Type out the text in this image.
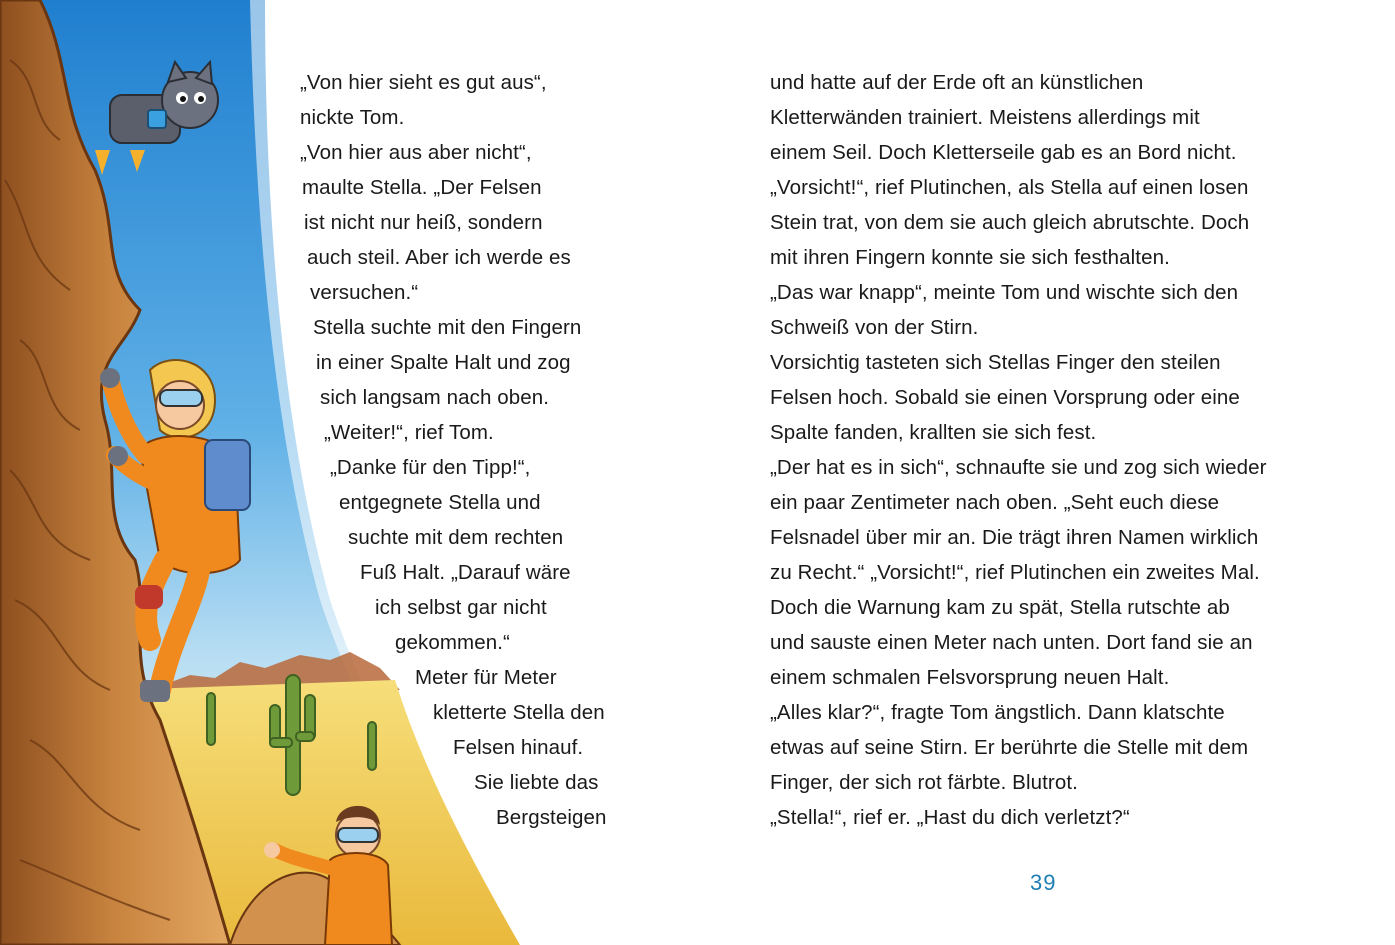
„Von hier sieht es gut aus“,
nickte Tom.
„Von hier aus aber nicht“,
maulte Stella. „Der Felsen
ist nicht nur heiß, sondern
auch steil. Aber ich werde es
versuchen.“
Stella suchte mit den Fingern
in einer Spalte Halt und zog
sich langsam nach oben.
„Weiter!“, rief Tom.
„Danke für den Tipp!“,
entgegnete Stella und
suchte mit dem rechten
Fuß Halt. „Darauf wäre
ich selbst gar nicht
gekommen.“
Meter für Meter
kletterte Stella den
Felsen hinauf.
Sie liebte das
Bergsteigen
und hatte auf der Erde oft an künstlichen
Kletterwänden trainiert. Meistens allerdings mit
einem Seil. Doch Kletterseile gab es an Bord nicht.
„Vorsicht!“, rief Plutinchen, als Stella auf einen losen
Stein trat, von dem sie auch gleich abrutschte. Doch
mit ihren Fingern konnte sie sich festhalten.
„Das war knapp“, meinte Tom und wischte sich den
Schweiß von der Stirn.
Vorsichtig tasteten sich Stellas Finger den steilen
Felsen hoch. Sobald sie einen Vorsprung oder eine
Spalte fanden, krallten sie sich fest.
„Der hat es in sich“, schnaufte sie und zog sich wieder
ein paar Zentimeter nach oben. „Seht euch diese
Felsnadel über mir an. Die trägt ihren Namen wirklich
zu Recht.“ „Vorsicht!“, rief Plutinchen ein zweites Mal.
Doch die Warnung kam zu spät, Stella rutschte ab
und sauste einen Meter nach unten. Dort fand sie an
einem schmalen Felsvorsprung neuen Halt.
„Alles klar?“, fragte Tom ängstlich. Dann klatschte
etwas auf seine Stirn. Er berührte die Stelle mit dem
Finger, der sich rot färbte. Blutrot.
„Stella!“, rief er. „Hast du dich verletzt?“
39
